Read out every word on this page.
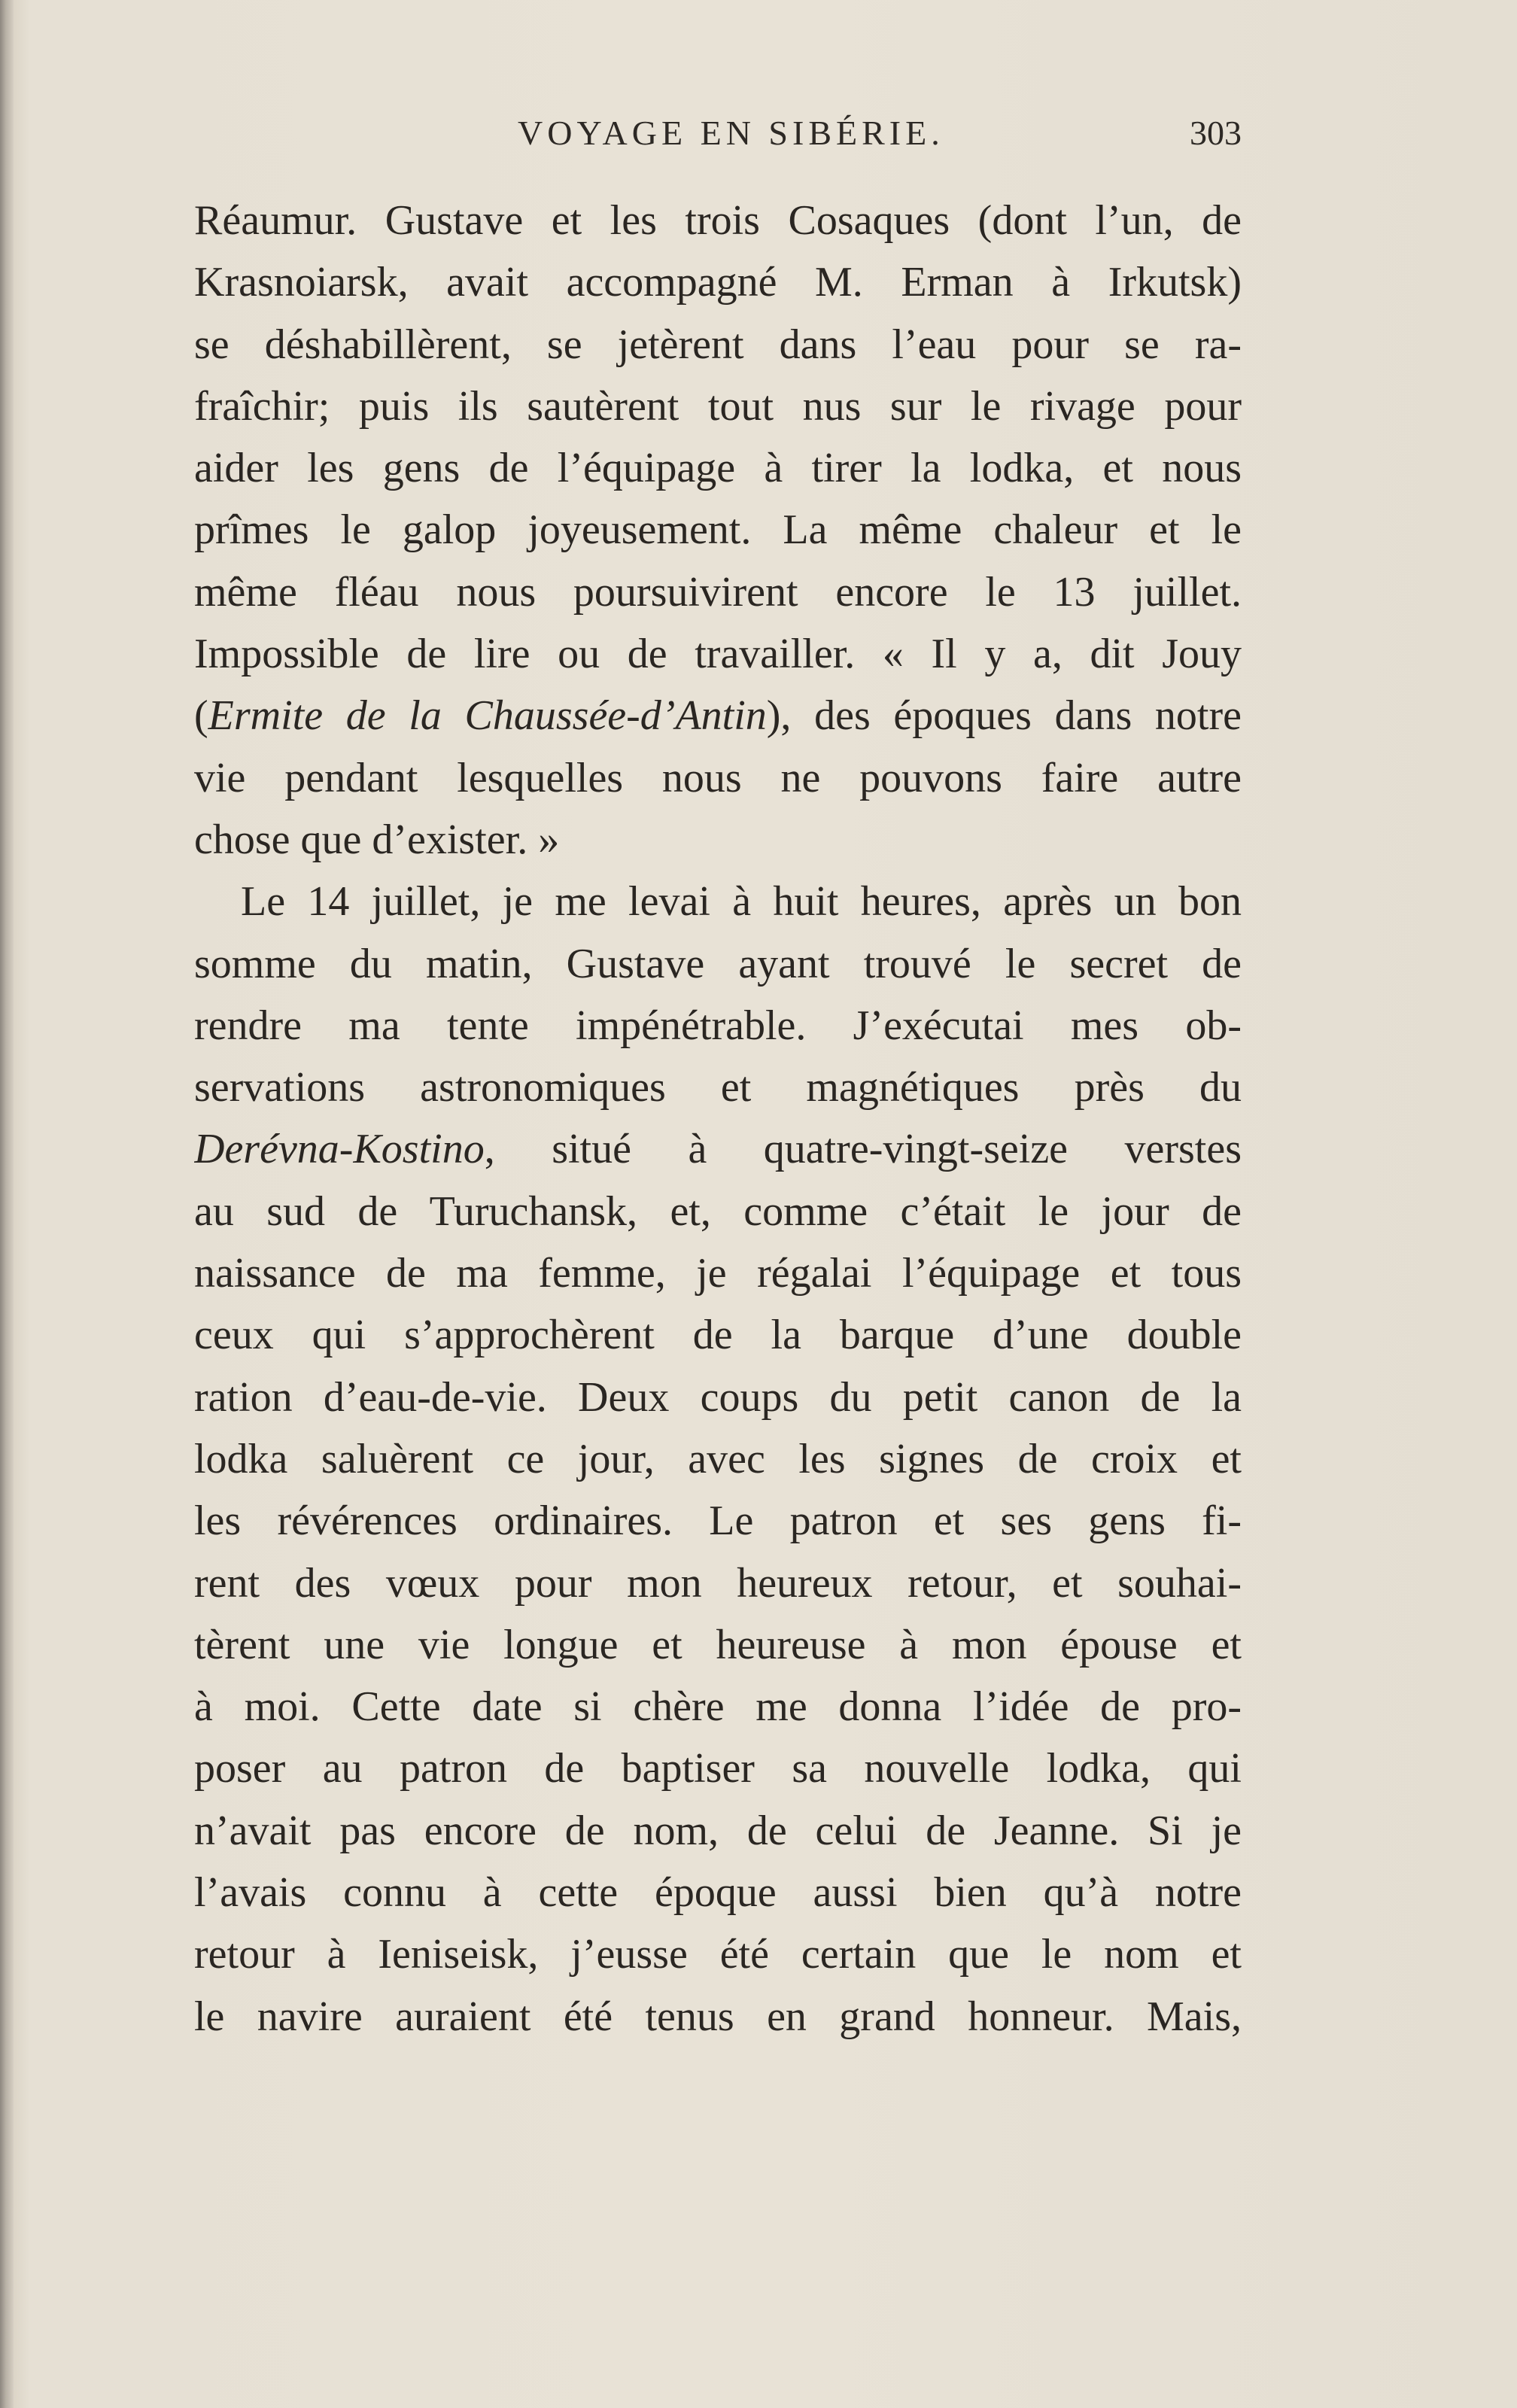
VOYAGE EN SIBÉRIE.	303
Réaumur. Gustave et les trois Cosaques (dont l’un, de
Krasnoiarsk, avait accompagné M. Erman à Irkutsk)
se déshabillèrent, se jetèrent dans l’eau pour se ra-
fraîchir; puis ils sautèrent tout nus sur le rivage pour
aider les gens de l’équipage à tirer la lodka, et nous
prîmes le galop joyeusement. La même chaleur et le
même fléau nous poursuivirent encore le 13 juillet.
Impossible de lire ou de travailler. « Il y a, dit Jouy
(Ermite de la Chaussée-d’Antin), des époques dans notre
vie pendant lesquelles nous ne pouvons faire autre
chose que d’exister. »
Le 14 juillet, je me levai à huit heures, après un bon
somme du matin, Gustave ayant trouvé le secret de
rendre ma tente impénétrable. J’exécutai mes ob-
servations astronomiques et magnétiques près du
Derévna-Kostino, situé à quatre-vingt-seize verstes
au sud de Turuchansk, et, comme c’était le jour de
naissance de ma femme, je régalai l’équipage et tous
ceux qui s’approchèrent de la barque d’une double
ration d’eau-de-vie. Deux coups du petit canon de la
lodka saluèrent ce jour, avec les signes de croix et
les révérences ordinaires. Le patron et ses gens fi-
rent des vœux pour mon heureux retour, et souhai-
tèrent une vie longue et heureuse à mon épouse et
à moi. Cette date si chère me donna l’idée de pro-
poser au patron de baptiser sa nouvelle lodka, qui
n’avait pas encore de nom, de celui de Jeanne. Si je
l’avais connu à cette époque aussi bien qu’à notre
retour à Ieniseisk, j’eusse été certain que le nom et
le navire auraient été tenus en grand honneur. Mais,
